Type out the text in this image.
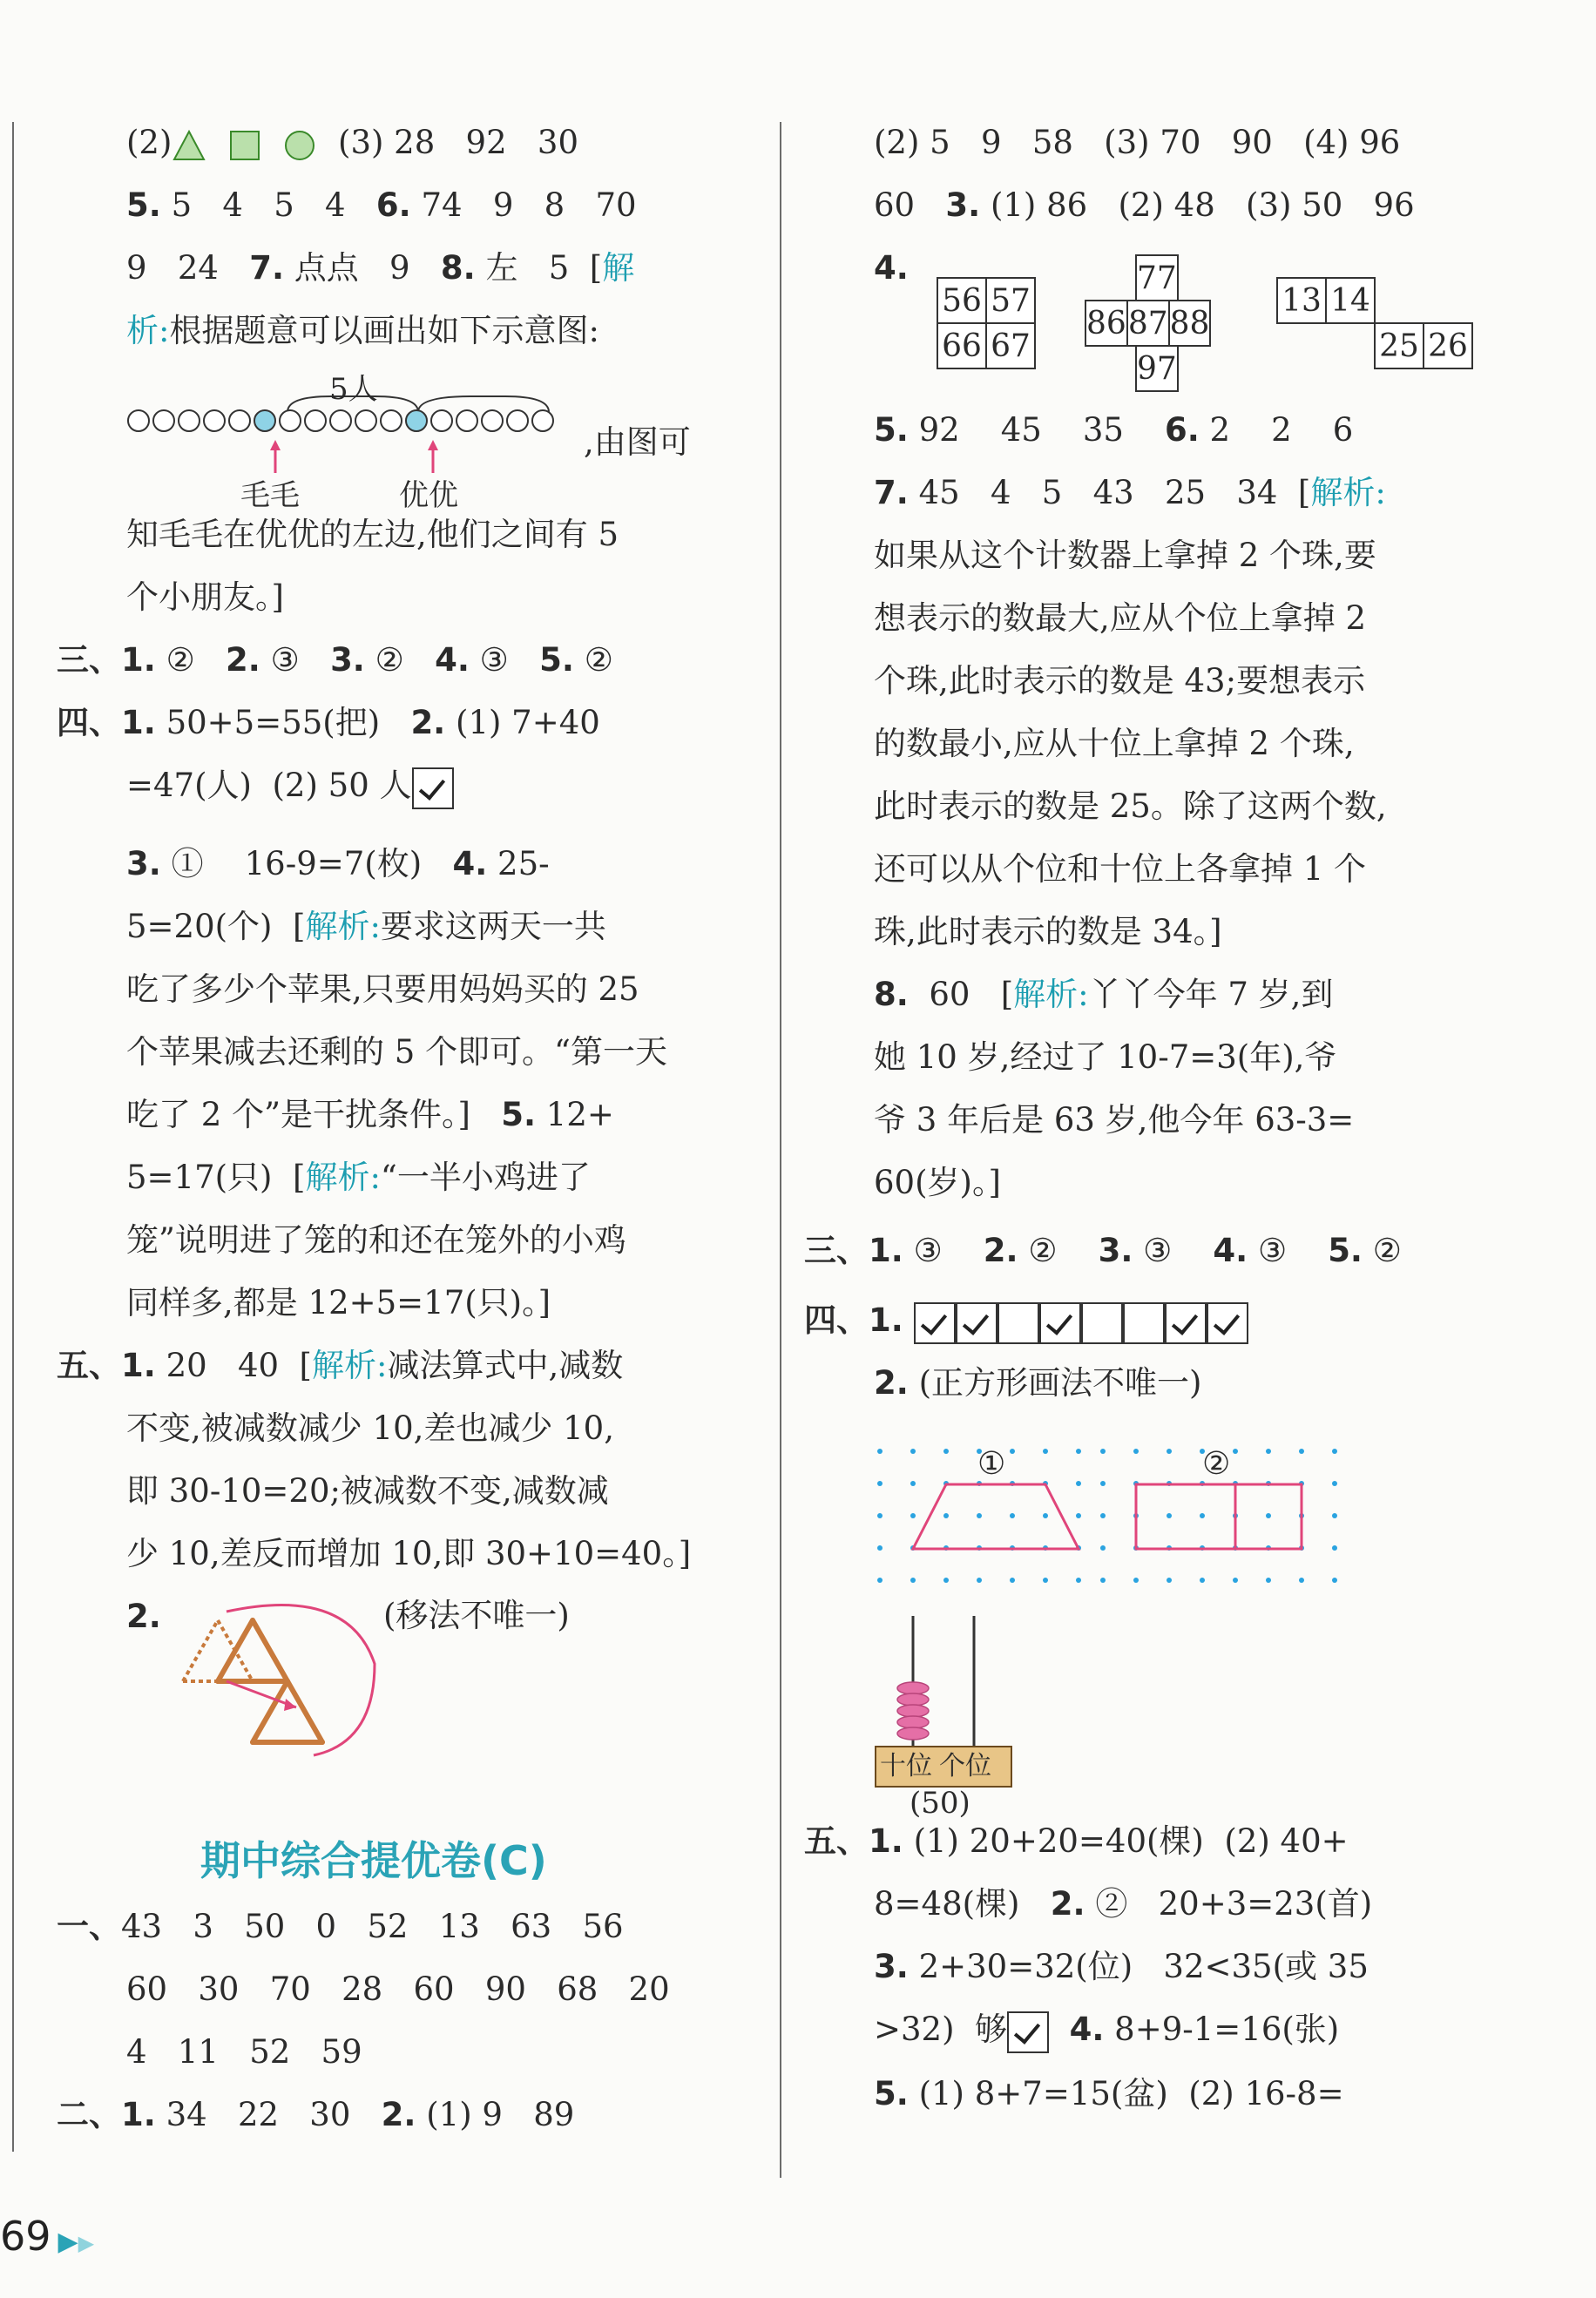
(2)	(3) 28   92   30
5. 5   4   5   4   6. 74   9   8   70
9   24   7. 点点   9   8. 左   5  [解
析:根据题意可以画出如下示意图:
知毛毛在优优的左边,他们之间有 5
个小朋友。]
三、1. ②   2. ③   3. ②   4. ③   5. ②
四、1. 50+5=55(把)   2. (1) 7+40
=47(人)  (2) 50 人
3. ①    16-9=7(枚)   4. 25-
5=20(个)  [解析:要求这两天一共
吃了多少个苹果,只要用妈妈买的 25
个苹果减去还剩的 5 个即可。“第一天
吃了 2 个”是干扰条件。]   5. 12+
5=17(只)  [解析:“一半小鸡进了
笼”说明进了笼的和还在笼外的小鸡
同样多,都是 12+5=17(只)。]
五、1. 20   40  [解析:减法算式中,减数
不变,被减数减少 10,差也减少 10,
即 30-10=20;被减数不变,减数减
少 10,差反而增加 10,即 30+10=40。]
2.
一、43   3   50   0   52   13   63   56
60   30   70   28   60   90   68   20
4   11   52   59
二、1. 34   22   30   2. (1) 9   89
(2) 5   9   58   (3) 70   90   (4) 96
60   3. (1) 86   (2) 48   (3) 50   96
4.
5. 92    45    35    6. 2    2    6
7. 45   4   5   43   25   34  [解析:
如果从这个计数器上拿掉 2 个珠,要
想表示的数最大,应从个位上拿掉 2
个珠,此时表示的数是 43;要想表示
的数最小,应从十位上拿掉 2 个珠,
此时表示的数是 25。除了这两个数,
还可以从个位和十位上各拿掉 1 个
珠,此时表示的数是 34。]
8.  60   [解析:丫丫今年 7 岁,到
她 10 岁,经过了 10-7=3(年),爷
爷 3 年后是 63 岁,他今年 63-3=
60(岁)。]
三、1. ③    2. ②    3. ③    4. ③    5. ②
四、1.
2. (正方形画法不唯一)
五、1. (1) 20+20=40(棵)  (2) 40+
8=48(棵)   2. ②   20+3=23(首)
3. 2+30=32(位)   32<35(或 35
>32)  够 4. 8+9-1=16(张)
5. (1) 8+7=15(盆)  (2) 16-8=
5人
,由图可
毛毛	优优
(移法不唯一)
期中综合提优卷(C)
56	57
66	67
77
86	87	88
97
13	14
25	26
①	②
十位 个位
(50)
69 ▶▶
